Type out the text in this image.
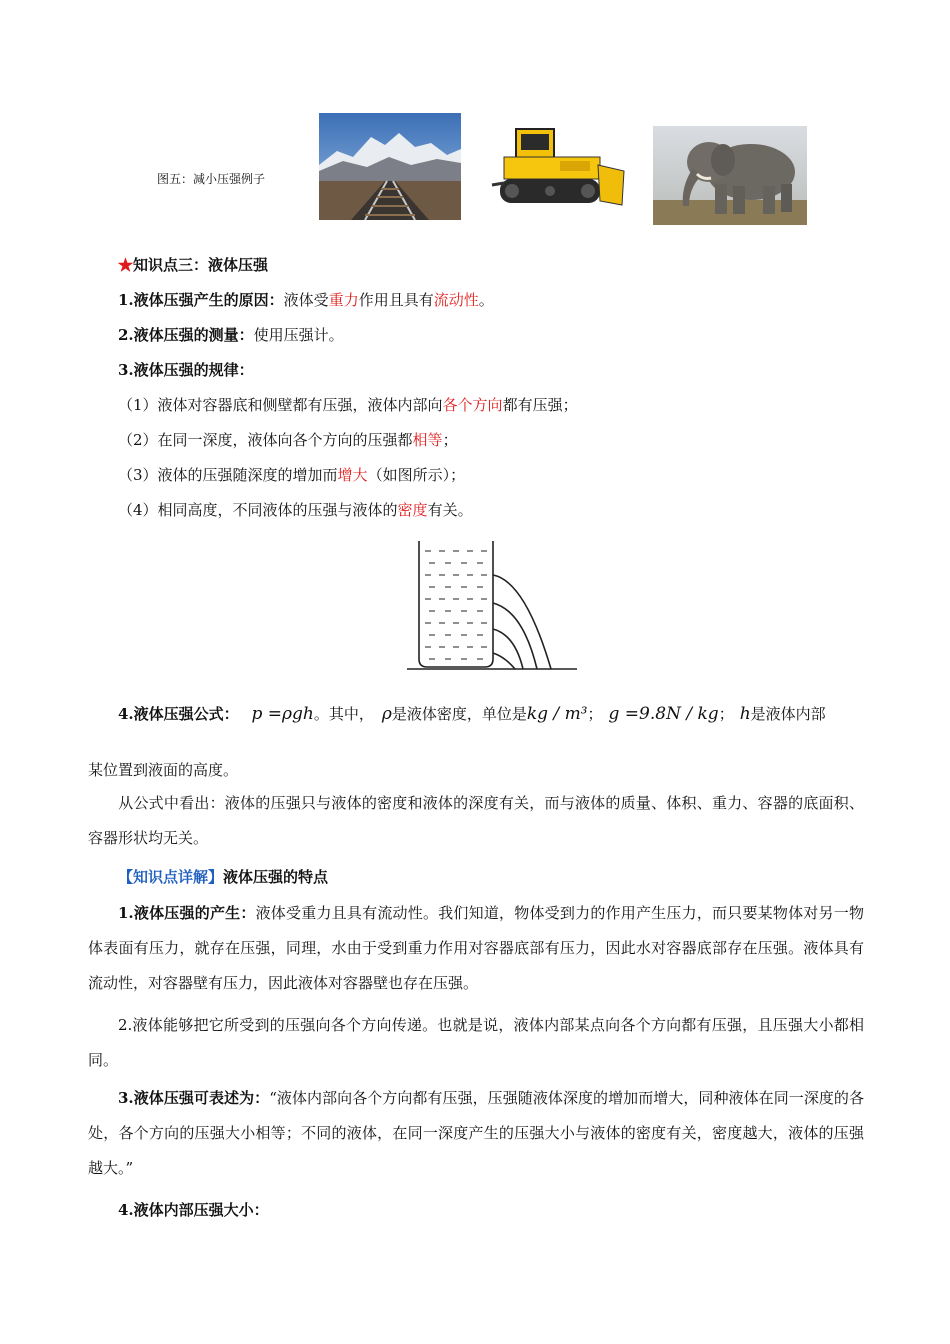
图五：减小压强例子
★知识点三：液体压强
1.液体压强产生的原因：液体受重力作用且具有流动性。
2.液体压强的测量：使用压强计。
3.液体压强的规律：
（1）液体对容器底和侧壁都有压强，液体内部向各个方向都有压强；
（2）在同一深度，液体向各个方向的压强都相等；
（3）液体的压强随深度的增加而增大（如图所示）；
（4）相同高度，不同液体的压强与液体的密度有关。
4.液体压强公式： p =ρgh。其中， ρ是液体密度，单位是kg / m³； g =9.8N / kg； h是液体内部
某位置到液面的高度。
从公式中看出：液体的压强只与液体的密度和液体的深度有关，而与液体的质量、体积、重力、容器的底面积、容器形状均无关。
【知识点详解】液体压强的特点
1.液体压强的产生：液体受重力且具有流动性。我们知道，物体受到力的作用产生压力，而只要某物体对另一物体表面有压力，就存在压强，同理，水由于受到重力作用对容器底部有压力，因此水对容器底部存在压强。液体具有流动性，对容器壁有压力，因此液体对容器壁也存在压强。
2.液体能够把它所受到的压强向各个方向传递。也就是说，液体内部某点向各个方向都有压强，且压强大小都相同。
3.液体压强可表述为：“液体内部向各个方向都有压强，压强随液体深度的增加而增大，同种液体在同一深度的各处，各个方向的压强大小相等；不同的液体，在同一深度产生的压强大小与液体的密度有关，密度越大，液体的压强越大。”
4.液体内部压强大小：
